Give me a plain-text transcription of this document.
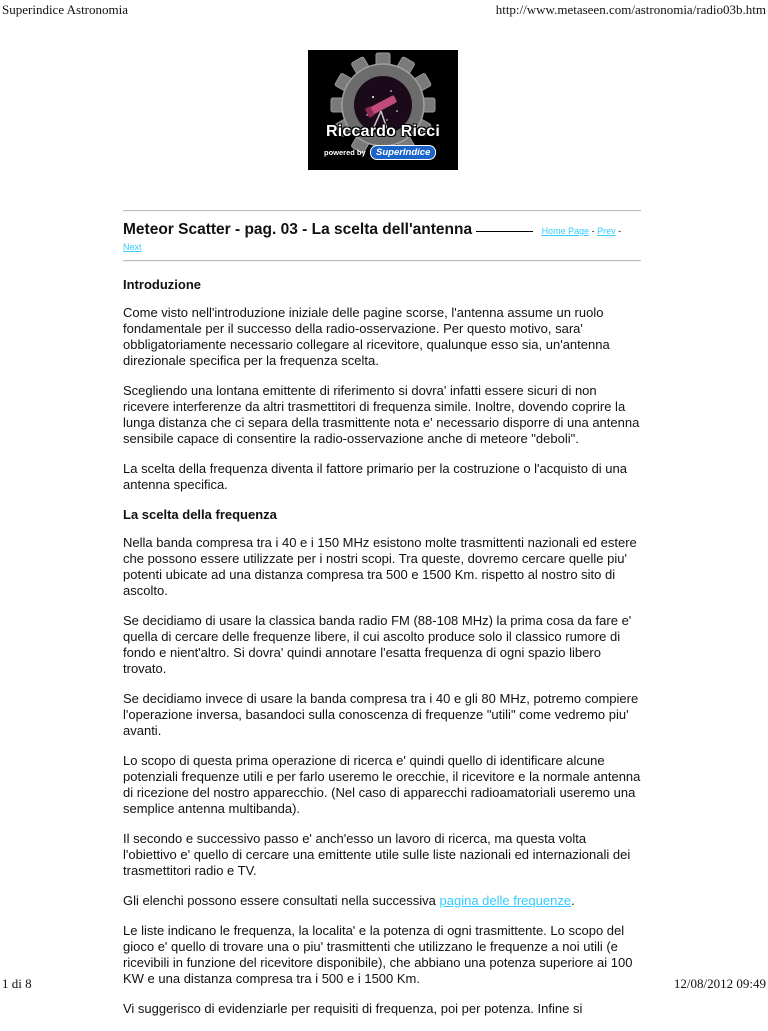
Superindice Astronomia	http://www.metaseen.com/astronomia/radio03b.htm
Riccardo Ricci
powered by	SuperIndice
Meteor Scatter - pag. 03 - La scelta dell'antenna	Home Page - Prev -
Next
Introduzione

Come visto nell'introduzione iniziale delle pagine scorse, l'antenna assume un ruolo fondamentale per il successo della radio-osservazione. Per questo motivo, sara' obbligatoriamente necessario collegare al ricevitore, qualunque esso sia, un'antenna direzionale specifica per la frequenza scelta.

Scegliendo una lontana emittente di riferimento si dovra' infatti essere sicuri di non ricevere interferenze da altri trasmettitori di frequenza simile. Inoltre, dovendo coprire la lunga distanza che ci separa della trasmittente nota e' necessario disporre di una antenna sensibile capace di consentire la radio-osservazione anche di meteore "deboli".

La scelta della frequenza diventa il fattore primario per la costruzione o l'acquisto di una antenna specifica.

La scelta della frequenza

Nella banda compresa tra i 40 e i 150 MHz esistono molte trasmittenti nazionali ed estere che possono essere utilizzate per i nostri scopi. Tra queste, dovremo cercare quelle piu' potenti ubicate ad una distanza compresa tra 500 e 1500 Km. rispetto al nostro sito di ascolto.

Se decidiamo di usare la classica banda radio FM (88-108 MHz) la prima cosa da fare e' quella di cercare delle frequenze libere, il cui ascolto produce solo il classico rumore di fondo e nient'altro. Si dovra' quindi annotare l'esatta frequenza di ogni spazio libero trovato.

Se decidiamo invece di usare la banda compresa tra i 40 e gli 80 MHz, potremo compiere l'operazione inversa, basandoci sulla conoscenza di frequenze "utili" come vedremo piu' avanti.

Lo scopo di questa prima operazione di ricerca e' quindi quello di identificare alcune potenziali frequenze utili e per farlo useremo le orecchie, il ricevitore e la normale antenna di ricezione del nostro apparecchio. (Nel caso di apparecchi radioamatoriali useremo una semplice antenna multibanda).

Il secondo e successivo passo e' anch'esso un lavoro di ricerca, ma questa volta l'obiettivo e' quello di cercare una emittente utile sulle liste nazionali ed internazionali dei trasmettitori radio e TV.

Gli elenchi possono essere consultati nella successiva pagina delle frequenze.

Le liste indicano le frequenza, la localita' e la potenza di ogni trasmittente. Lo scopo del gioco e' quello di trovare una o piu' trasmittenti che utilizzano le frequenze a noi utili (e ricevibili in funzione del ricevitore disponibile), che abbiano una potenza superiore ai 100 KW e una distanza compresa tra i 500 e i 1500 Km.

Vi suggerisco di evidenziarle per requisiti di frequenza, poi per potenza. Infine si

1 di 8	12/08/2012 09:49
